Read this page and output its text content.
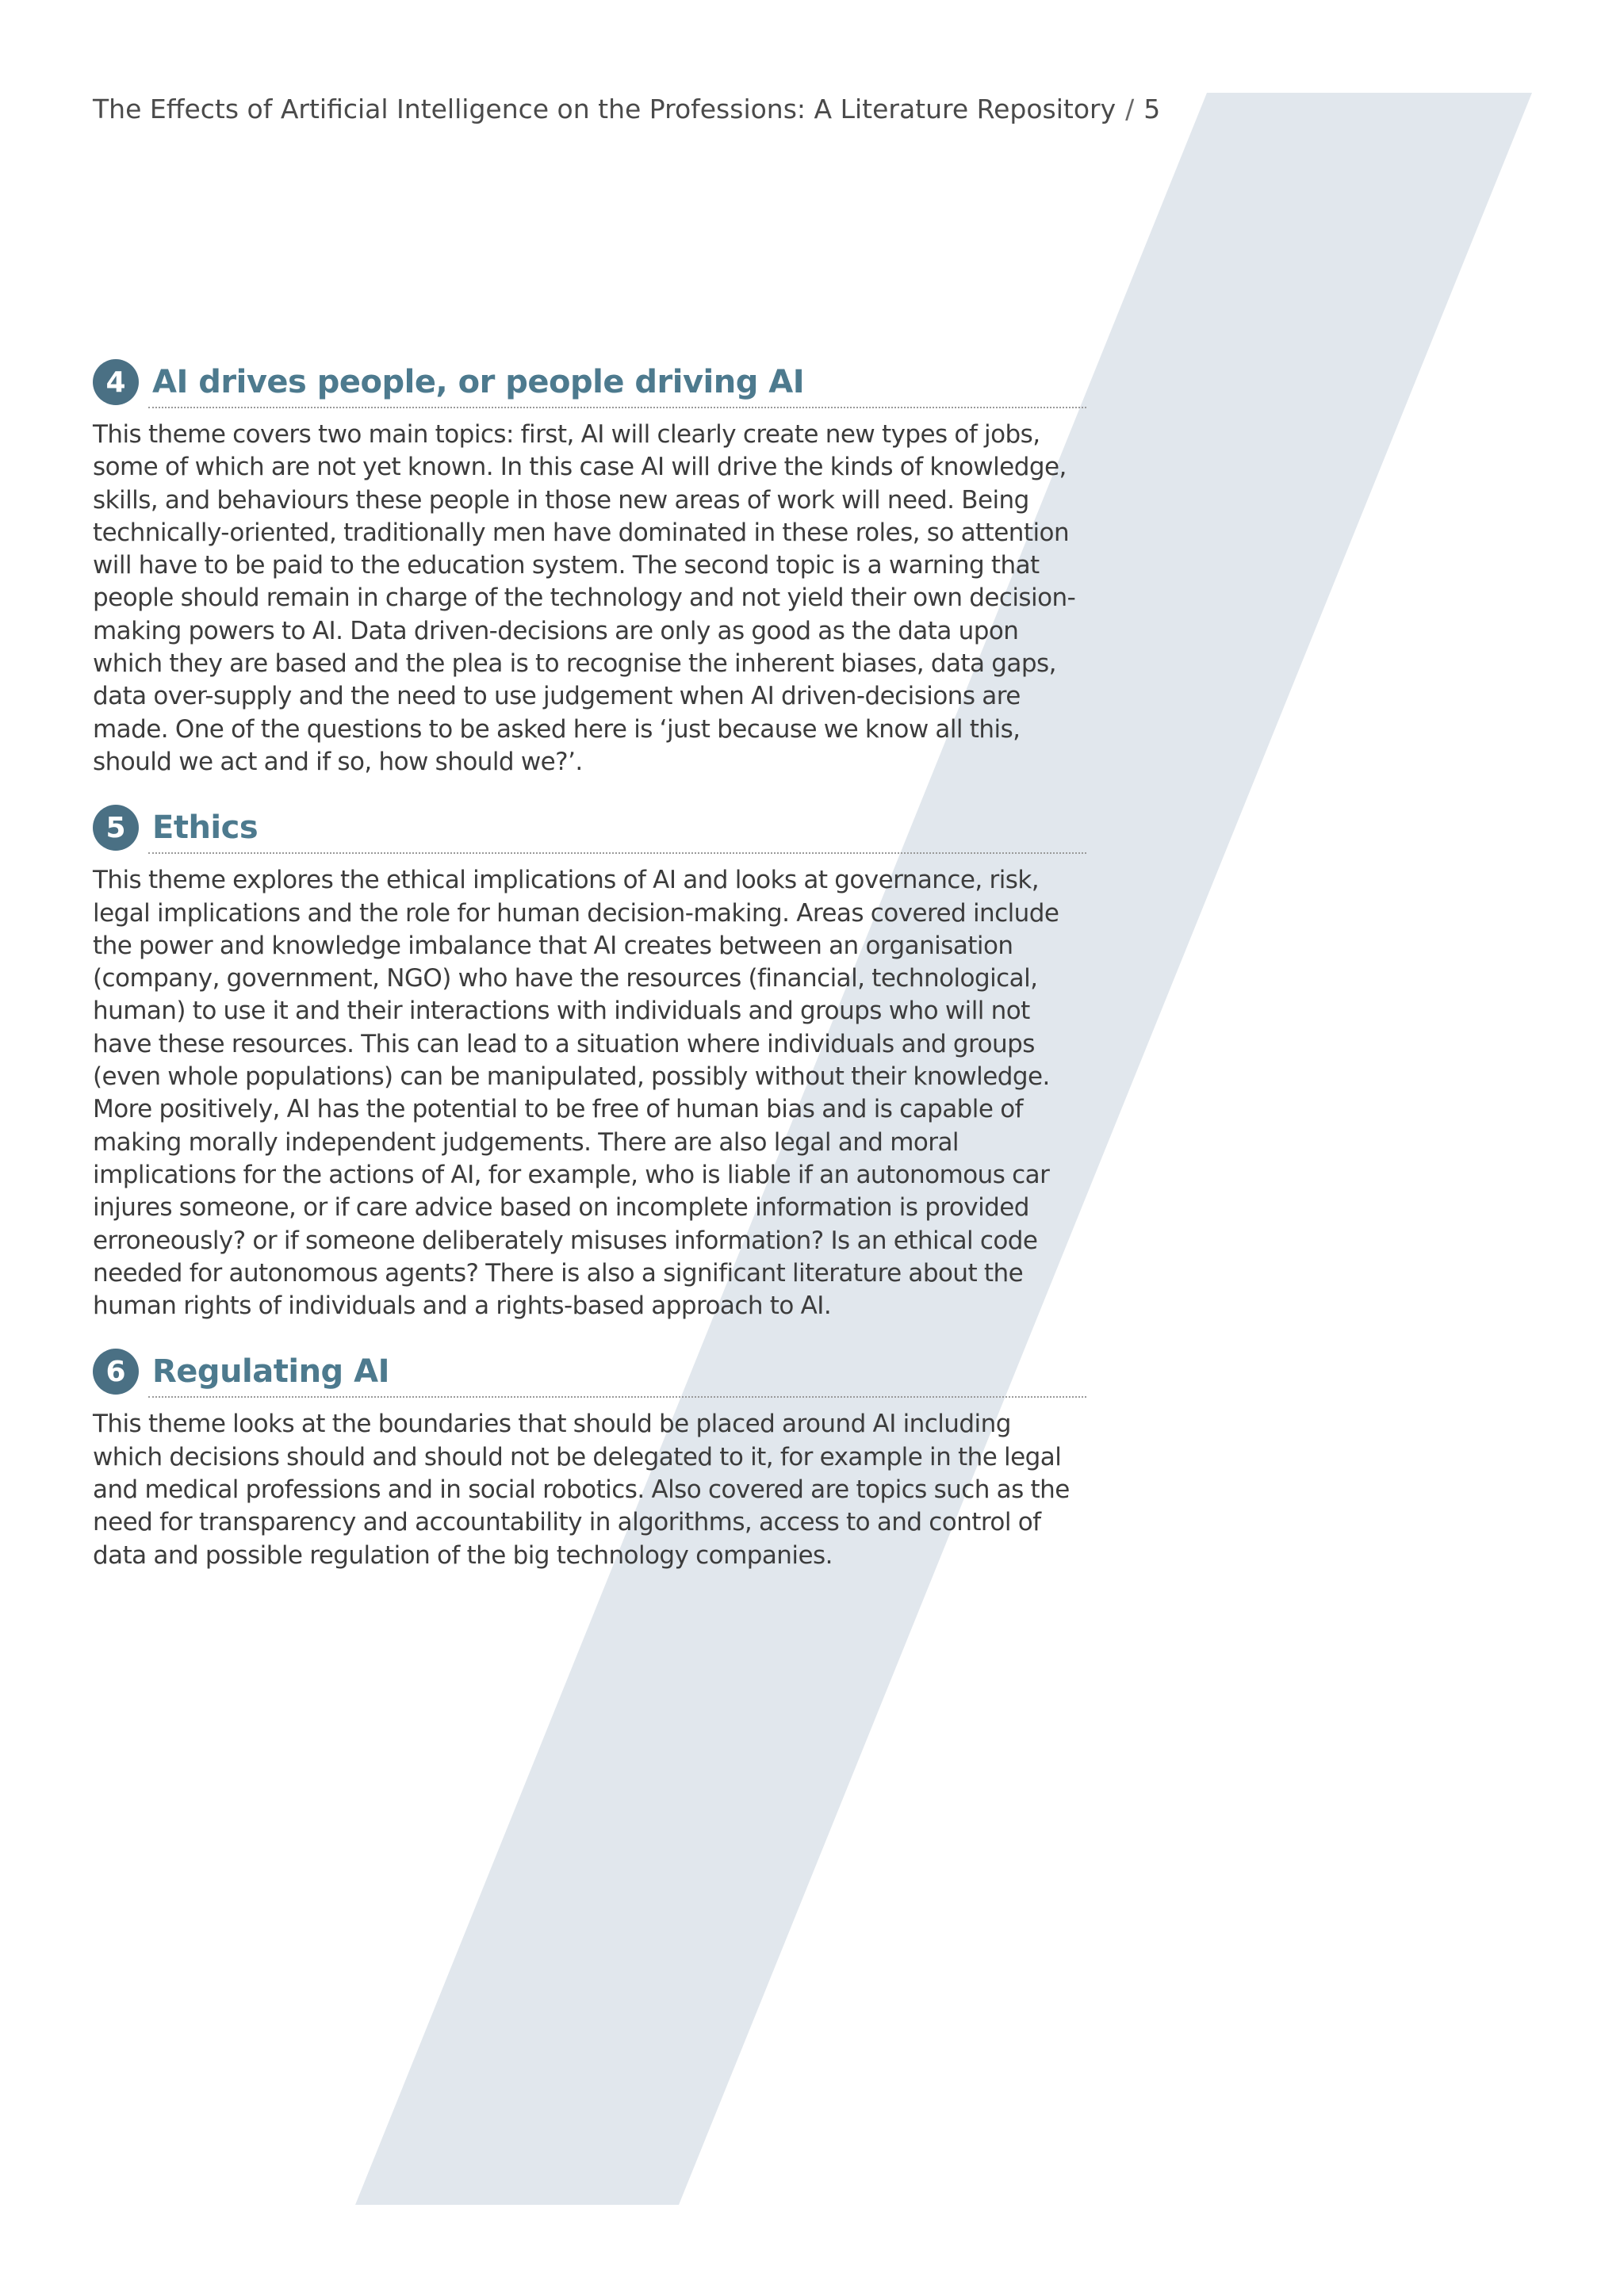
The Effects of Artificial Intelligence on the Professions: A Literature Repository / 5
4 AI drives people, or people driving AI
This theme covers two main topics: first, AI will clearly create new types of jobs, some of which are not yet known. In this case AI will drive the kinds of knowledge, skills, and behaviours these people in those new areas of work will need. Being technically-oriented, traditionally men have dominated in these roles, so attention will have to be paid to the education system. The second topic is a warning that people should remain in charge of the technology and not yield their own decision-making powers to AI. Data driven-decisions are only as good as the data upon which they are based and the plea is to recognise the inherent biases, data gaps, data over-supply and the need to use judgement when AI driven-decisions are made. One of the questions to be asked here is ‘just because we know all this, should we act and if so, how should we?’.
5 Ethics
This theme explores the ethical implications of AI and looks at governance, risk, legal implications and the role for human decision-making. Areas covered include the power and knowledge imbalance that AI creates between an organisation (company, government, NGO) who have the resources (financial, technological, human) to use it and their interactions with individuals and groups who will not have these resources. This can lead to a situation where individuals and groups (even whole populations) can be manipulated, possibly without their knowledge. More positively, AI has the potential to be free of human bias and is capable of making morally independent judgements. There are also legal and moral implications for the actions of AI, for example, who is liable if an autonomous car injures someone, or if care advice based on incomplete information is provided erroneously? or if someone deliberately misuses information? Is an ethical code needed for autonomous agents? There is also a significant literature about the human rights of individuals and a rights-based approach to AI.
6 Regulating AI
This theme looks at the boundaries that should be placed around AI including which decisions should and should not be delegated to it, for example in the legal and medical professions and in social robotics. Also covered are topics such as the need for transparency and accountability in algorithms, access to and control of data and possible regulation of the big technology companies.
